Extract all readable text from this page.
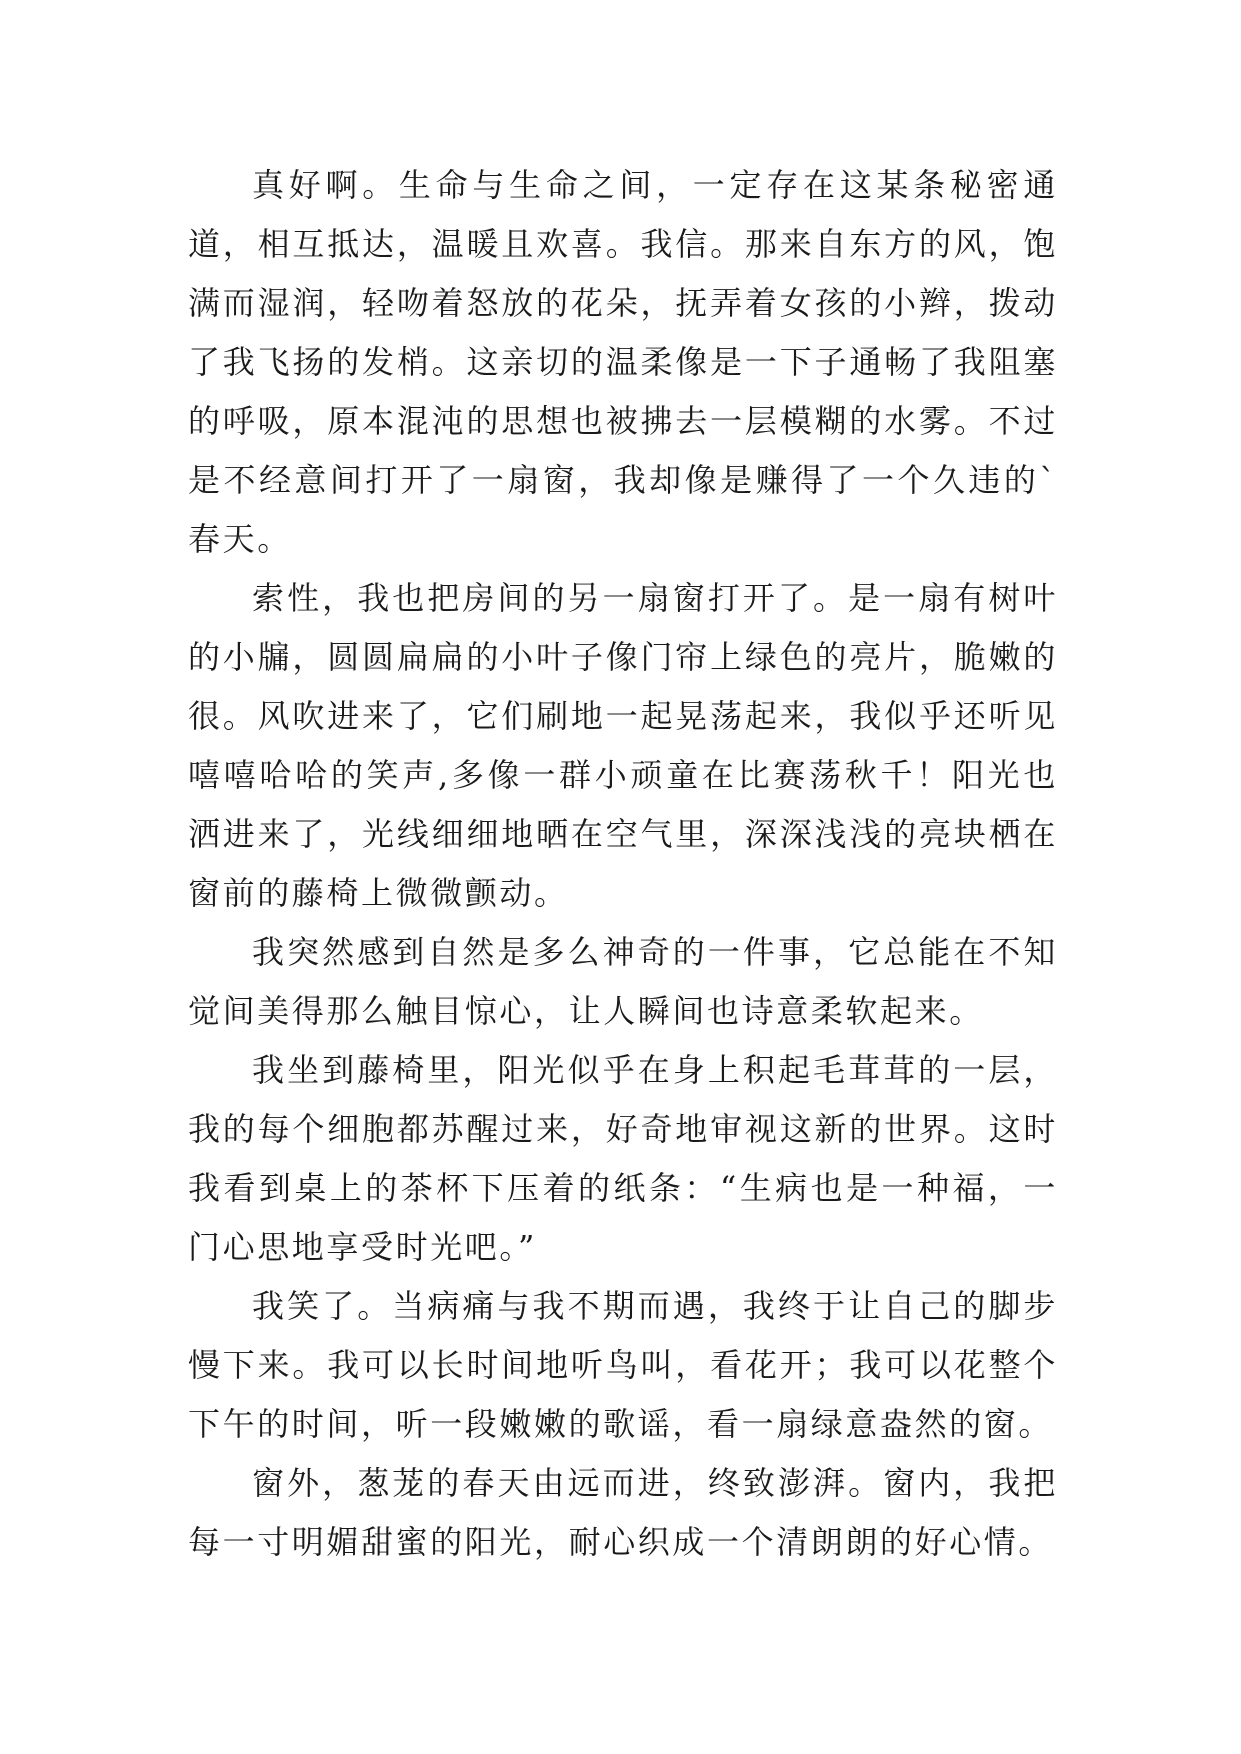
真好啊。生命与生命之间，一定存在这某条秘密通道，相互抵达，温暖且欢喜。我信。那来自东方的风，饱满而湿润，轻吻着怒放的花朵，抚弄着女孩的小辫，拨动了我飞扬的发梢。这亲切的温柔像是一下子通畅了我阻塞的呼吸，原本混沌的思想也被拂去一层模糊的水雾。不过是不经意间打开了一扇窗，我却像是赚得了一个久违的`春天。

索性，我也把房间的另一扇窗打开了。是一扇有树叶的小牖，圆圆扁扁的小叶子像门帘上绿色的亮片，脆嫩的很。风吹进来了，它们刷地一起晃荡起来，我似乎还听见嘻嘻哈哈的笑声,多像一群小顽童在比赛荡秋千！阳光也洒进来了，光线细细地晒在空气里，深深浅浅的亮块栖在窗前的藤椅上微微颤动。

我突然感到自然是多么神奇的一件事，它总能在不知觉间美得那么触目惊心，让人瞬间也诗意柔软起来。

我坐到藤椅里，阳光似乎在身上积起毛茸茸的一层，我的每个细胞都苏醒过来，好奇地审视这新的世界。这时我看到桌上的茶杯下压着的纸条：“生病也是一种福，一门心思地享受时光吧。”

我笑了。当病痛与我不期而遇，我终于让自己的脚步慢下来。我可以长时间地听鸟叫，看花开；我可以花整个下午的时间，听一段嫩嫩的歌谣，看一扇绿意盎然的窗。

窗外，葱茏的春天由远而进，终致澎湃。窗内，我把每一寸明媚甜蜜的阳光，耐心织成一个清朗朗的好心情。
